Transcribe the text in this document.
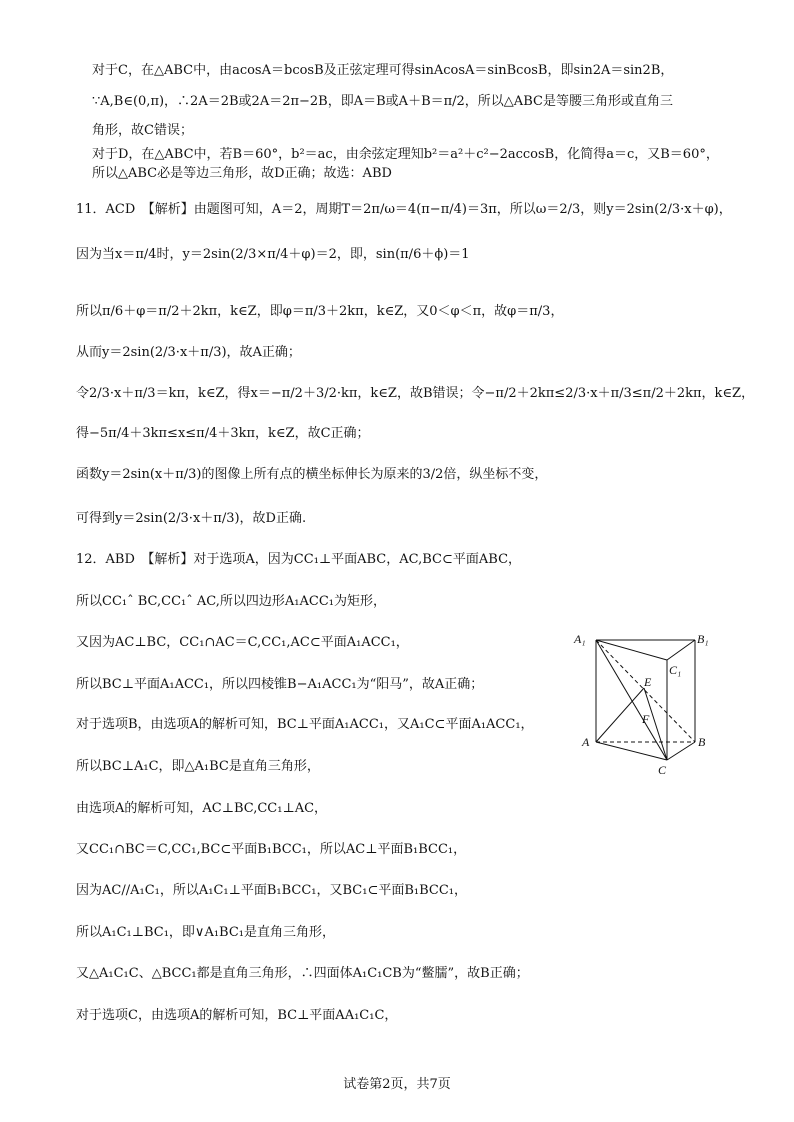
对于C，在△ABC中，由acosA＝bcosB及正弦定理可得sinAcosA＝sinBcosB，即sin2A＝sin2B，
∵A,B∈(0,π)，∴2A＝2B或2A＝2π−2B，即A＝B或A＋B＝π/2，所以△ABC是等腰三角形或直角三
角形，故C错误；
对于D，在△ABC中，若B＝60°，b²＝ac，由余弦定理知b²＝a²＋c²−2accosB，化简得a＝c，又B＝60°，
所以△ABC必是等边三角形，故D正确；故选：ABD
11．ACD　【解析】由题图可知，A＝2，周期T＝2π/ω＝4(π−π/4)＝3π，所以ω＝2/3，则y＝2sin(2/3·x＋φ)，
因为当x＝π/4时，y＝2sin(2/3×π/4＋φ)＝2，即，sin(π/6＋ϕ)＝1
所以π/6＋φ＝π/2＋2kπ，k∈Z，即φ＝π/3＋2kπ，k∈Z，又0＜φ＜π，故φ＝π/3，
从而y＝2sin(2/3·x＋π/3)，故A正确；
令2/3·x＋π/3＝kπ，k∈Z，得x＝−π/2＋3/2·kπ，k∈Z，故B错误；令−π/2＋2kπ≤2/3·x＋π/3≤π/2＋2kπ，k∈Z，
得−5π/4＋3kπ≤x≤π/4＋3kπ，k∈Z，故C正确；
函数y＝2sin(x＋π/3)的图像上所有点的横坐标伸长为原来的3/2倍，纵坐标不变，
可得到y＝2sin(2/3·x＋π/3)，故D正确.
12．ABD　【解析】对于选项A，因为CC₁⊥平面ABC，AC,BC⊂平面ABC，
所以CC₁ˆ BC,CC₁ˆ AC,所以四边形A₁ACC₁为矩形，
又因为AC⊥BC，CC₁∩AC＝C,CC₁,AC⊂平面A₁ACC₁，
所以BC⊥平面A₁ACC₁，所以四棱锥B−A₁ACC₁为“阳马”，故A正确；
对于选项B，由选项A的解析可知，BC⊥平面A₁ACC₁，又A₁C⊂平面A₁ACC₁，
所以BC⊥A₁C，即△A₁BC是直角三角形，
由选项A的解析可知，AC⊥BC,CC₁⊥AC，
又CC₁∩BC＝C,CC₁,BC⊂平面B₁BCC₁，所以AC⊥平面B₁BCC₁，
因为AC//A₁C₁，所以A₁C₁⊥平面B₁BCC₁，又BC₁⊂平面B₁BCC₁，
所以A₁C₁⊥BC₁，即∨A₁BC₁是直角三角形，
又△A₁C₁C、△BCC₁都是直角三角形，∴四面体A₁C₁CB为“鳖臑”，故B正确；
对于选项C，由选项A的解析可知，BC⊥平面AA₁C₁C，
A₁	B₁
C₁
A	B
C
E
F
试卷第2页，共7页
